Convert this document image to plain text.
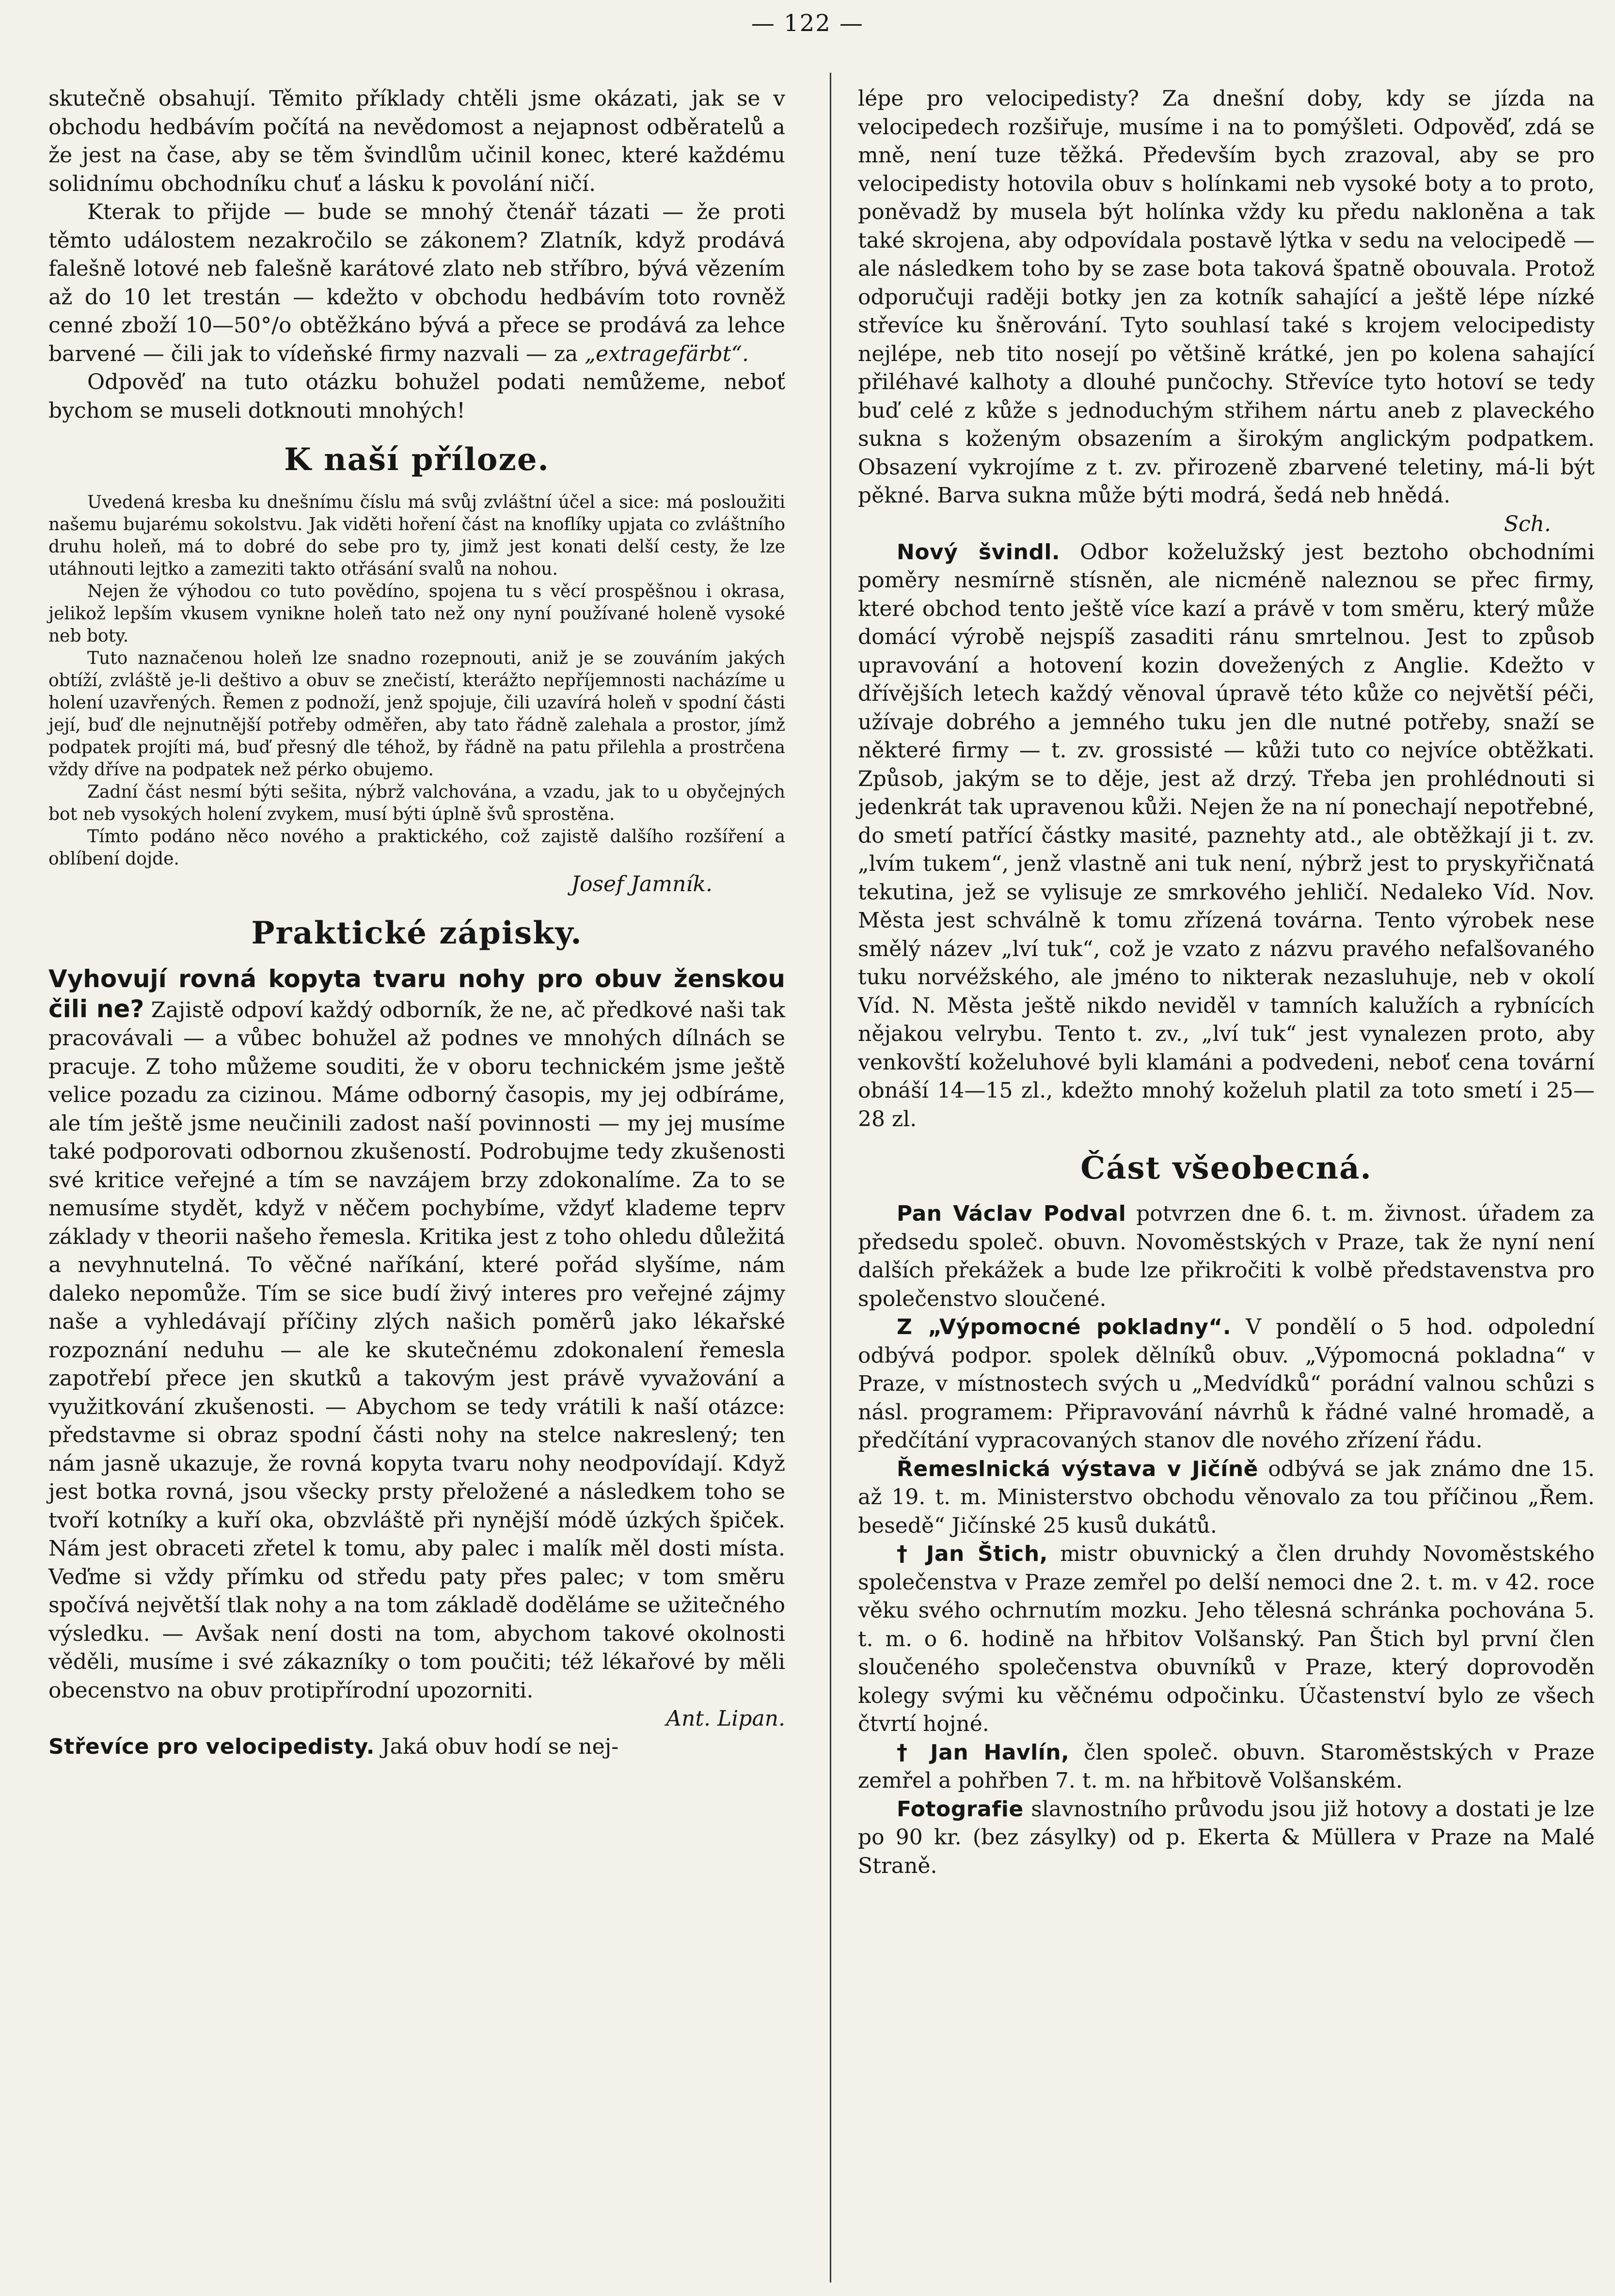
— 122 —

skutečně obsahují. Těmito příklady chtěli jsme okázati, jak se v obchodu hedbávím počítá na nevědomost a nejapnost odběratelů a že jest na čase, aby se těm švindlům učinil konec, které každému solidnímu obchodníku chuť a lásku k povolání ničí.

Kterak to přijde — bude se mnohý čtenář tázati — že proti těmto událostem nezakročilo se zákonem? Zlatník, když prodává falešně lotové neb falešně karátové zlato neb stříbro, bývá vězením až do 10 let trestán — kdežto v obchodu hedbávím toto rovněž cenné zboží 10—50°/o obtěžkáno bývá a přece se prodává za lehce barvené — čili jak to vídeňské firmy nazvali — za „extragefärbt“.

Odpověď na tuto otázku bohužel podati nemůžeme, neboť bychom se museli dotknouti mnohých!

K naší příloze.

Uvedená kresba ku dnešnímu číslu má svůj zvláštní účel a sice: má posloužiti našemu bujarému sokolstvu. Jak viděti hoření část na knoflíky upjata co zvláštního druhu holeň, má to dobré do sebe pro ty, jimž jest konati delší cesty, že lze utáhnouti lejtko a zameziti takto otřásání svalů na nohou.

Nejen že výhodou co tuto povědíno, spojena tu s věcí prospěšnou i okrasa, jelikož lepším vkusem vynikne holeň tato než ony nyní používané holeně vysoké neb boty.

Tuto naznačenou holeň lze snadno rozepnouti, aniž je se zouváním jakých obtíží, zvláště je-li deštivo a obuv se znečistí, kterážto nepříjemnosti nacházíme u holení uzavřených. Řemen z podnoží, jenž spojuje, čili uzavírá holeň v spodní části její, buď dle nejnutnější potřeby odměřen, aby tato řádně zalehala a prostor, jímž podpatek projíti má, buď přesný dle téhož, by řádně na patu přilehla a prostrčena vždy dříve na podpatek než pérko obujemo.

Zadní část nesmí býti sešita, nýbrž valchována, a vzadu, jak to u obyčejných bot neb vysokých holení zvykem, musí býti úplně švů sprostěna.

Tímto podáno něco nového a praktického, což zajistě dalšího rozšíření a oblíbení dojde.

Josef Jamník.
Praktické zápisky.

Vyhovují rovná kopyta tvaru nohy pro obuv ženskou čili ne? Zajistě odpoví každý odborník, že ne, ač předkové naši tak pracovávali — a vůbec bohužel až podnes ve mnohých dílnách se pracuje. Z toho můžeme souditi, že v oboru technickém jsme ještě velice pozadu za cizinou. Máme odborný časopis, my jej odbíráme, ale tím ještě jsme neučinili zadost naší povinnosti — my jej musíme také podporovati odbornou zkušeností. Podrobujme tedy zkušenosti své kritice veřejné a tím se navzájem brzy zdokonalíme. Za to se nemusíme stydět, když v něčem pochybíme, vždyť klademe teprv základy v theorii našeho řemesla. Kritika jest z toho ohledu důležitá a nevyhnutelná. To věčné naříkání, které pořád slyšíme, nám daleko nepomůže. Tím se sice budí živý interes pro veřejné zájmy naše a vyhledávají příčiny zlých našich poměrů jako lékařské rozpoznání neduhu — ale ke skutečnému zdokonalení řemesla zapotřebí přece jen skutků a takovým jest právě vyvažování a využitkování zkušenosti. — Abychom se tedy vrátili k naší otázce: představme si obraz spodní části nohy na stelce nakreslený; ten nám jasně ukazuje, že rovná kopyta tvaru nohy neodpovídají. Když jest botka rovná, jsou všecky prsty přeložené a následkem toho se tvoří kotníky a kuří oka, obzvláště při nynější módě úzkých špiček. Nám jest obraceti zřetel k tomu, aby palec i malík měl dosti místa. Veďme si vždy přímku od středu paty přes palec; v tom směru spočívá největší tlak nohy a na tom základě doděláme se užitečného výsledku. — Avšak není dosti na tom, abychom takové okolnosti věděli, musíme i své zákazníky o tom poučiti; též lékařové by měli obecenstvo na obuv protipřírodní upozorniti.

Ant. Lipan.

Střevíce pro velocipedisty. Jaká obuv hodí se nej-

lépe pro velocipedisty? Za dnešní doby, kdy se jízda na velocipedech rozšiřuje, musíme i na to pomýšleti. Odpověď, zdá se mně, není tuze těžká. Především bych zrazoval, aby se pro velocipedisty hotovila obuv s holínkami neb vysoké boty a to proto, poněvadž by musela být holínka vždy ku předu nakloněna a tak také skrojena, aby odpovídala postavě lýtka v sedu na velocipedě — ale následkem toho by se zase bota taková špatně obouvala. Protož odporučuji raději botky jen za kotník sahající a ještě lépe nízké střevíce ku šněrování. Tyto souhlasí také s krojem velocipedisty nejlépe, neb tito nosejí po většině krátké, jen po kolena sahající přiléhavé kalhoty a dlouhé punčochy. Střevíce tyto hotoví se tedy buď celé z kůže s jednoduchým střihem nártu aneb z plaveckého sukna s koženým obsazením a širokým anglickým podpatkem. Obsazení vykrojíme z t. zv. přirozeně zbarvené teletiny, má-li být pěkné. Barva sukna může býti modrá, šedá neb hnědá.

Sch.

Nový švindl. Odbor koželužský jest beztoho obchodními poměry nesmírně stísněn, ale nicméně naleznou se přec firmy, které obchod tento ještě více kazí a právě v tom směru, který může domácí výrobě nejspíš zasaditi ránu smrtelnou. Jest to způsob upravování a hotovení kozin dovežených z Anglie. Kdežto v dřívějších letech každý věnoval úpravě této kůže co největší péči, užívaje dobrého a jemného tuku jen dle nutné potřeby, snaží se některé firmy — t. zv. grossisté — kůži tuto co nejvíce obtěžkati. Způsob, jakým se to děje, jest až drzý. Třeba jen prohlédnouti si jedenkrát tak upravenou kůži. Nejen že na ní ponechají nepotřebné, do smetí patřící částky masité, paznehty atd., ale obtěžkají ji t. zv. „lvím tukem“, jenž vlastně ani tuk není, nýbrž jest to pryskyřičnatá tekutina, jež se vylisuje ze smrkového jehličí. Nedaleko Víd. Nov. Města jest schválně k tomu zřízená továrna. Tento výrobek nese smělý název „lví tuk“, což je vzato z názvu pravého nefalšovaného tuku norvéžského, ale jméno to nikterak nezasluhuje, neb v okolí Víd. N. Města ještě nikdo neviděl v tamních kalužích a rybnících nějakou velrybu. Tento t. zv., „lví tuk“ jest vynalezen proto, aby venkovští koželuhové byli klamáni a podvedeni, neboť cena tovární obnáší 14—15 zl., kdežto mnohý koželuh platil za toto smetí i 25—28 zl.

Část všeobecná.

Pan Václav Podval potvrzen dne 6. t. m. živnost. úřadem za předsedu společ. obuvn. Novoměstských v Praze, tak že nyní není dalších překážek a bude lze přikročiti k volbě představenstva pro společenstvo sloučené.

Z „Výpomocné pokladny“. V pondělí o 5 hod. odpolední odbývá podpor. spolek dělníků obuv. „Výpomocná pokladna“ v Praze, v místnostech svých u „Medvídků“ porádní valnou schůzi s násl. programem: Připravování návrhů k řádné valné hromadě, a předčítání vypracovaných stanov dle nového zřízení řádu.

Řemeslnická výstava v Jičíně odbývá se jak známo dne 15. až 19. t. m. Ministerstvo obchodu věnovalo za tou příčinou „Řem. besedě“ Jičínské 25 kusů dukátů.

† Jan Štich, mistr obuvnický a člen druhdy Novoměstského společenstva v Praze zemřel po delší nemoci dne 2. t. m. v 42. roce věku svého ochrnutím mozku. Jeho tělesná schránka pochována 5. t. m. o 6. hodině na hřbitov Volšanský. Pan Štich byl první člen sloučeného společenstva obuvníků v Praze, který doprovoděn kolegy svými ku věčnému odpočinku. Účastenství bylo ze všech čtvrtí hojné.

† Jan Havlín, člen společ. obuvn. Staroměstských v Praze zemřel a pohřben 7. t. m. na hřbitově Volšanském.

Fotografie slavnostního průvodu jsou již hotovy a dostati je lze po 90 kr. (bez zásylky) od p. Ekerta & Müllera v Praze na Malé Straně.
